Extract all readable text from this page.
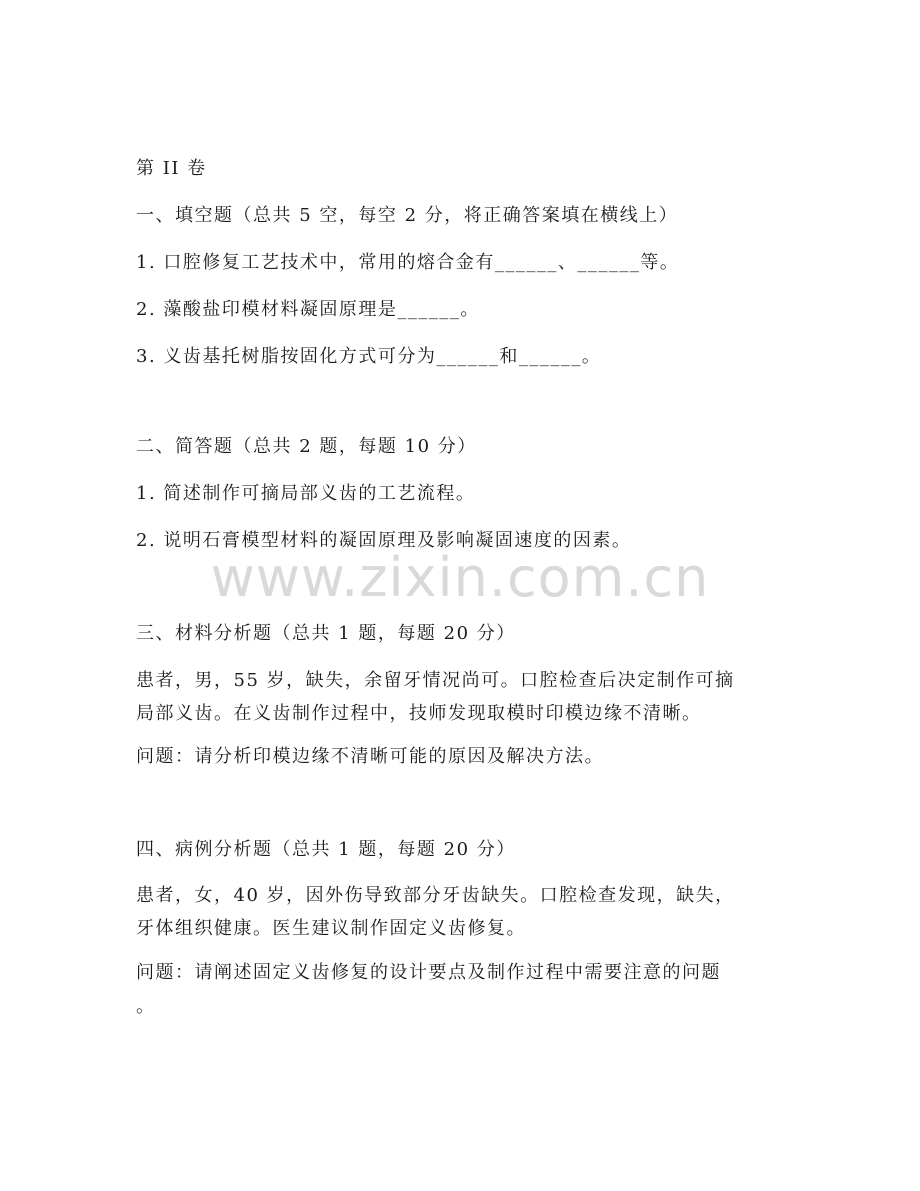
第 II 卷
一、填空题（总共 5 空，每空 2 分，将正确答案填在横线上）
1. 口腔修复工艺技术中，常用的熔合金有______、______等。
2. 藻酸盐印模材料凝固原理是______。
3. 义齿基托树脂按固化方式可分为______和______。
二、简答题（总共 2 题，每题 10 分）
1. 简述制作可摘局部义齿的工艺流程。
2. 说明石膏模型材料的凝固原理及影响凝固速度的因素。
www.zixin.com.cn
三、材料分析题（总共 1 题，每题 20 分）
患者，男，55 岁，缺失，余留牙情况尚可。口腔检查后决定制作可摘
局部义齿。在义齿制作过程中，技师发现取模时印模边缘不清晰。
问题：请分析印模边缘不清晰可能的原因及解决方法。
四、病例分析题（总共 1 题，每题 20 分）
患者，女，40 岁，因外伤导致部分牙齿缺失。口腔检查发现，缺失，
牙体组织健康。医生建议制作固定义齿修复。
问题：请阐述固定义齿修复的设计要点及制作过程中需要注意的问题
。
